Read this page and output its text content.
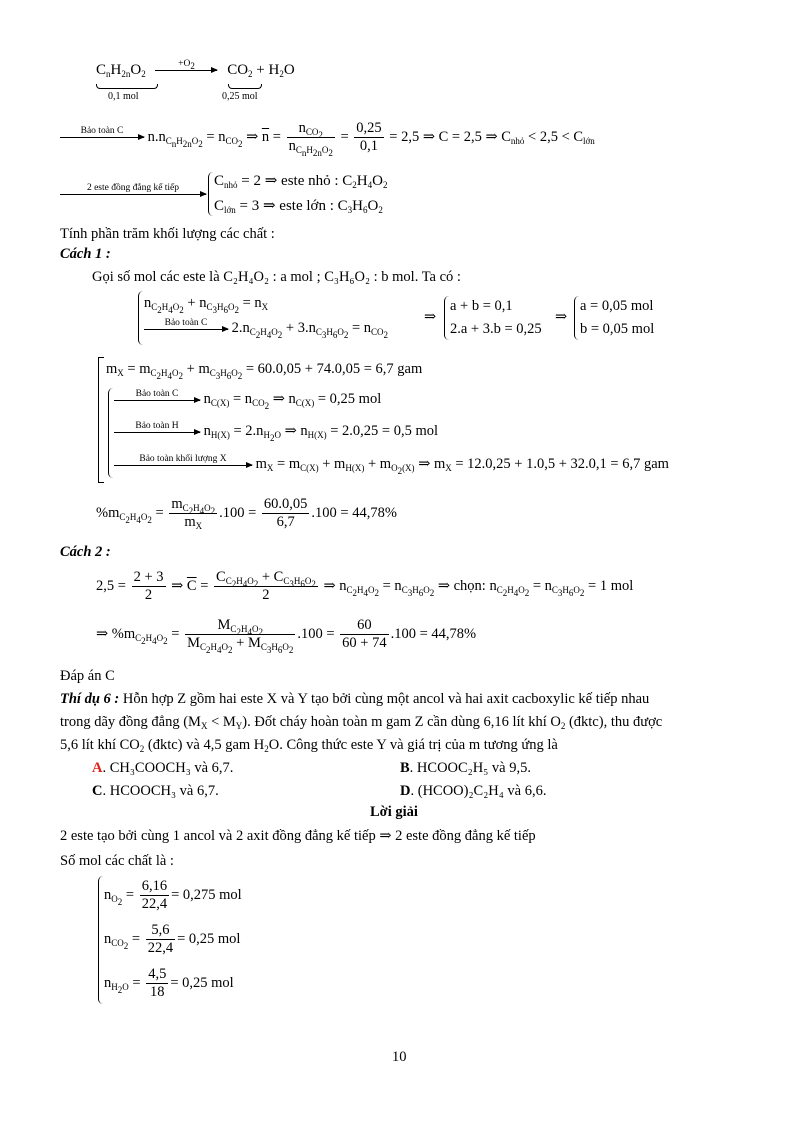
$C_nH_{2n}O_2$
$+O_2$	$CO_2 + H_2O$
0,1 mol	0,25 mol
Bảo toàn C	$n.n_{C_nH_{2n}O_2} = n_{CO_2}$ ⇒ $\overline{n} = \frac{n_{CO_2}}{n_{C_nH_{2n}O_2}} = \frac{0,25}{0,1} = 2,5$ ⇒ C = 2,5 ⇒ $C_{nhỏ} < 2,5 < C_{lớn}$
2 este đồng đẳng kế tiếp	$C_{nhỏ} = 2$ ⇒ este nhỏ : $C_2H_4O_2$
$C_{lớn} = 3$ ⇒ este lớn : $C_3H_6O_2$
Tính phần trăm khối lượng các chất :
Cách 1 :
Gọi số mol các este là C₂H₄O₂ : a mol ; C₃H₆O₂ : b mol. Ta có :
$n_{C_2H_4O_2} + n_{C_3H_6O_2} = n_X$
Bảo toàn C	$2.n_{C_2H_4O_2} + 3.n_{C_3H_6O_2} = n_{CO_2}$
⇒
a + b = 0,1
2.a + 3.b = 0,25
⇒
a = 0,05 mol
b = 0,05 mol
$m_X = m_{C_2H_4O_2} + m_{C_3H_6O_2} = 60.0,05 + 74.0,05 = 6,7$ gam
Bảo toàn C	$n_{C(X)} = n_{CO_2}$ ⇒ $n_{C(X)} = 0,25$ mol
Bảo toàn H	$n_{H(X)} = 2.n_{H_2O}$ ⇒ $n_{H(X)} = 2.0,25 = 0,5$ mol
Bảo toàn khối lượng X	$m_X = m_{C(X)} + m_{H(X)} + m_{O_2(X)}$ ⇒ $m_X = 12.0,25 + 1.0,5 + 32.0,1 = 6,7$ gam
$\%m_{C_2H_4O_2} = \frac{m_{C_2H_4O_2}}{m_X} .100 = \frac{60.0,05}{6,7} .100 = 44,78\%$
Cách 2 :
$2,5 = \frac{2 + 3}{2}$ ⇒ $\overline{C} = \frac{C_{C_2H_4O_2} + C_{C_3H_6O_2}}{2}$ ⇒ $n_{C_2H_4O_2} = n_{C_3H_6O_2}$ ⇒ chọn: $n_{C_2H_4O_2} = n_{C_3H_6O_2} = 1$ mol
⇒ $\%m_{C_2H_4O_2} = \frac{M_{C_2H_4O_2}}{M_{C_2H_4O_2} + M_{C_3H_6O_2}} .100 = \frac{60}{60 + 74} .100 = 44,78\%$
Đáp án C
Thí dụ 6 : Hỗn hợp Z gồm hai este X và Y tạo bởi cùng một ancol và hai axit cacboxylic kế tiếp nhau
trong dãy đồng đẳng $(M_X < M_Y)$. Đốt cháy hoàn toàn m gam Z cần dùng 6,16 lít khí $O_2$ (đktc), thu được
5,6 lít khí $CO_2$ (đktc) và 4,5 gam $H_2O$. Công thức este Y và giá trị của m tương ứng là
A. CH₃COOCH₃ và 6,7.	B. HCOOC₂H₅ và 9,5.
C. HCOOCH₃ và 6,7.	D. (HCOO)₂C₂H₄ và 6,6.
Lời giải
2 este tạo bởi cùng 1 ancol và 2 axit đồng đẳng kế tiếp ⇒ 2 este đồng đẳng kế tiếp
Số mol các chất là :
$n_{O_2} = \frac{6,16}{22,4} = 0,275$ mol
$n_{CO_2} = \frac{5,6}{22,4} = 0,25$ mol
$n_{H_2O} = \frac{4,5}{18} = 0,25$ mol
10
